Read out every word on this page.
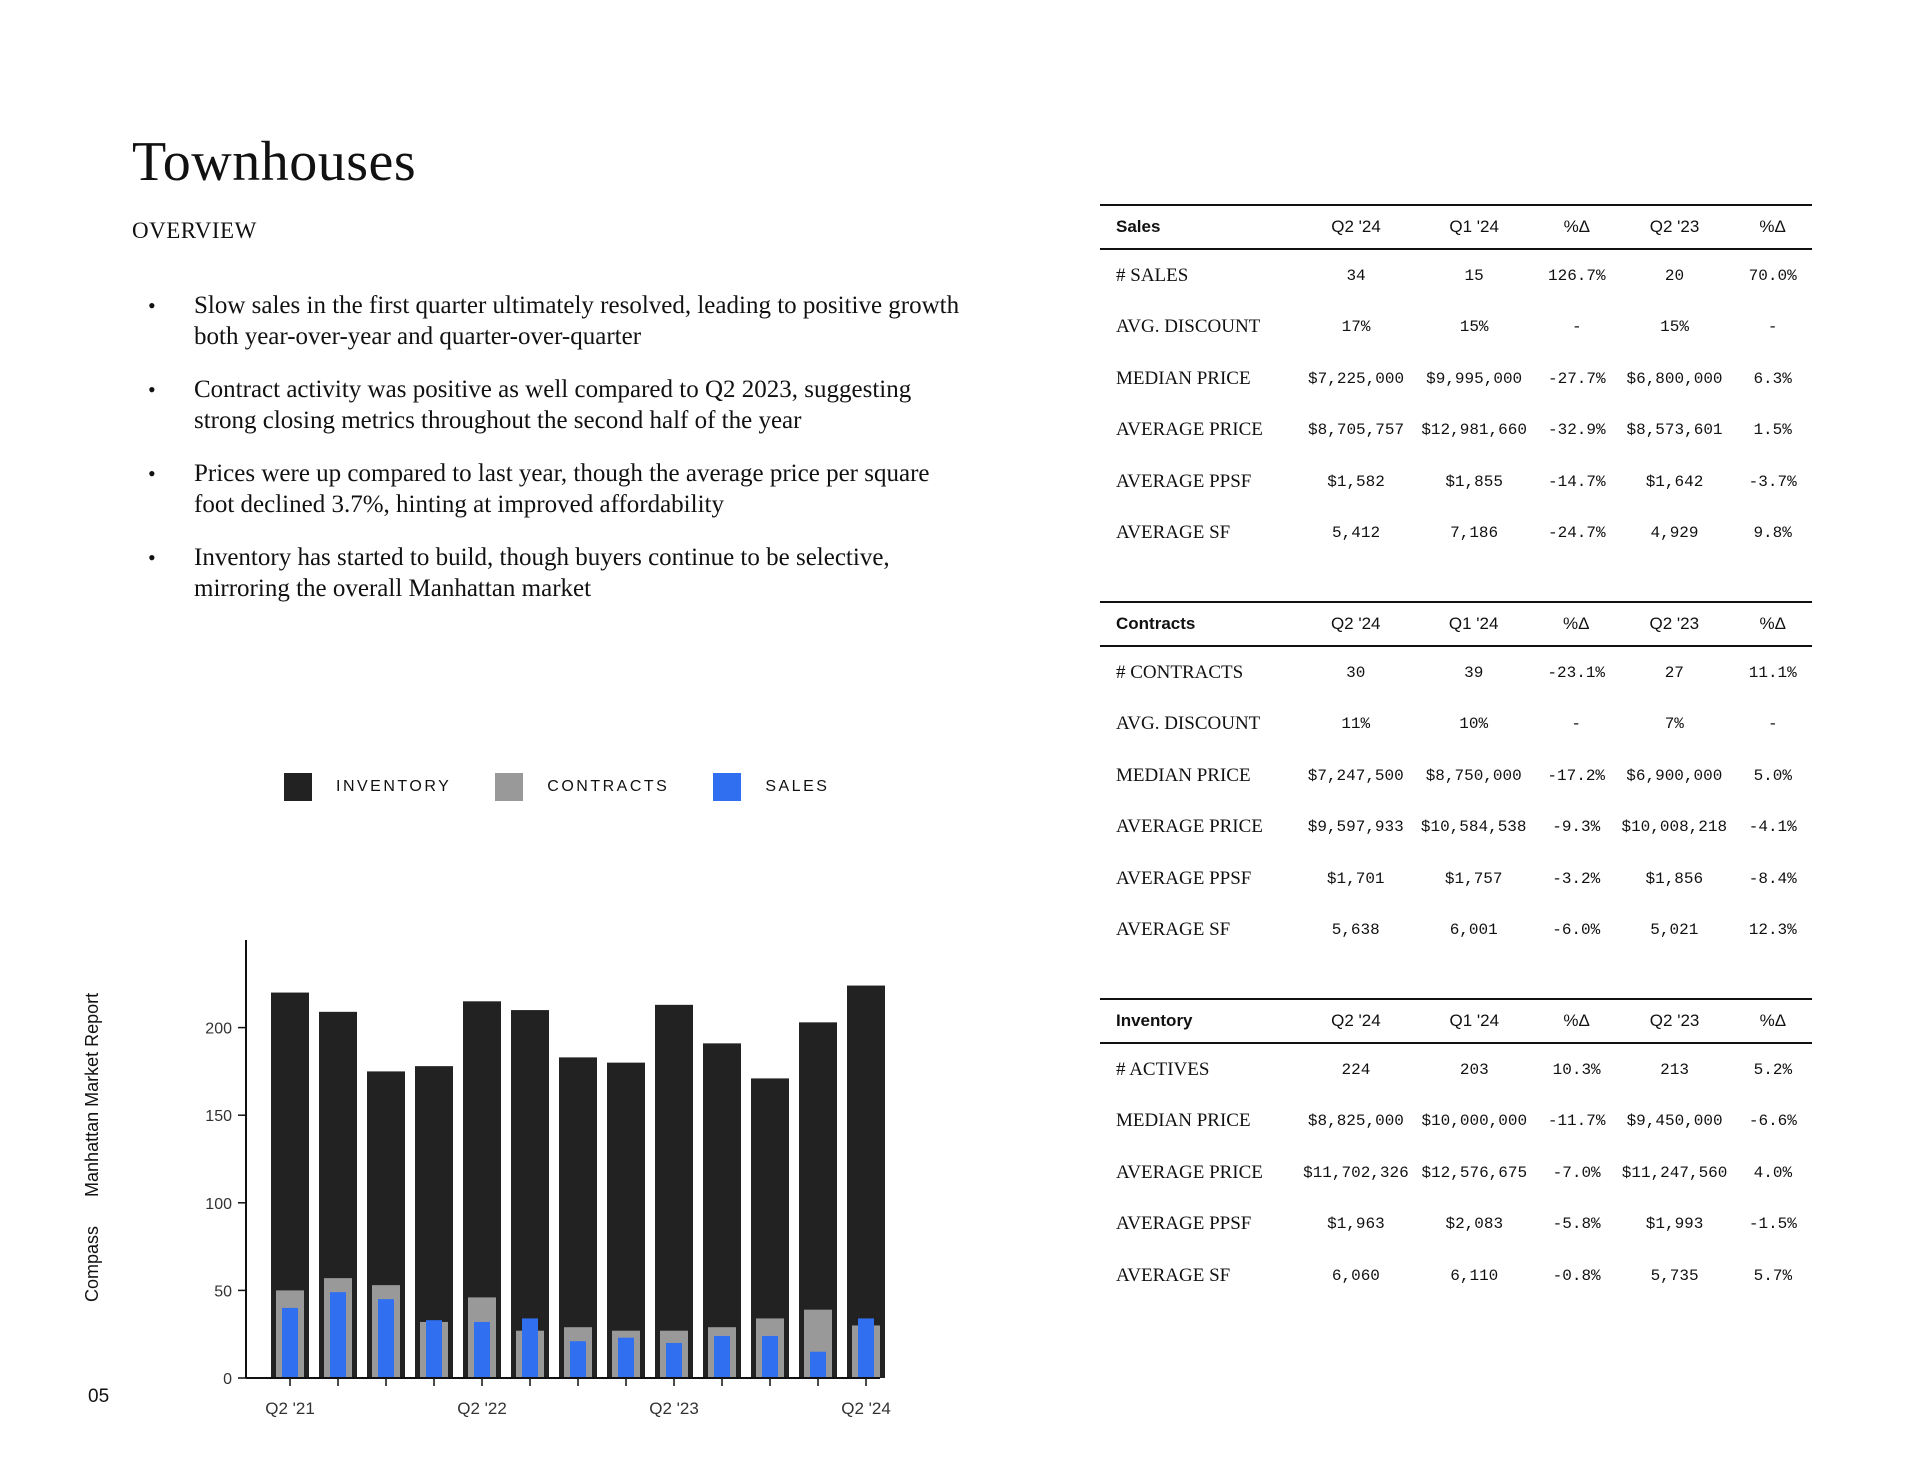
Townhouses
OVERVIEW
• Slow sales in the first quarter ultimately resolved, leading to positive growth both year-over-year and quarter-over-quarter
• Contract activity was positive as well compared to Q2 2023, suggesting strong closing metrics throughout the second half of the year
• Prices were up compared to last year, though the average price per square foot declined 3.7%, hinting at improved affordability
• Inventory has started to build, though buyers continue to be selective, mirroring the overall Manhattan market
INVENTORY	CONTRACTS	SALES
0
50
100
150
200
Q2 '21	Q2 '22	Q2 '23	Q2 '24
Compass Manhattan Market Report
05
Sales	Q2 '24	Q1 '24	%Δ	Q2 '23	%Δ
# SALES	34	15	126.7%	20	70.0%
AVG. DISCOUNT	17%	15%	-	15%	-
MEDIAN PRICE	$7,225,000	$9,995,000	-27.7%	$6,800,000	6.3%
AVERAGE PRICE	$8,705,757	$12,981,660	-32.9%	$8,573,601	1.5%
AVERAGE PPSF	$1,582	$1,855	-14.7%	$1,642	-3.7%
AVERAGE SF	5,412	7,186	-24.7%	4,929	9.8%
Contracts	Q2 '24	Q1 '24	%Δ	Q2 '23	%Δ
# CONTRACTS	30	39	-23.1%	27	11.1%
AVG. DISCOUNT	11%	10%	-	7%	-
MEDIAN PRICE	$7,247,500	$8,750,000	-17.2%	$6,900,000	5.0%
AVERAGE PRICE	$9,597,933	$10,584,538	-9.3%	$10,008,218	-4.1%
AVERAGE PPSF	$1,701	$1,757	-3.2%	$1,856	-8.4%
AVERAGE SF	5,638	6,001	-6.0%	5,021	12.3%
Inventory	Q2 '24	Q1 '24	%Δ	Q2 '23	%Δ
# ACTIVES	224	203	10.3%	213	5.2%
MEDIAN PRICE	$8,825,000	$10,000,000	-11.7%	$9,450,000	-6.6%
AVERAGE PRICE	$11,702,326	$12,576,675	-7.0%	$11,247,560	4.0%
AVERAGE PPSF	$1,963	$2,083	-5.8%	$1,993	-1.5%
AVERAGE SF	6,060	6,110	-0.8%	5,735	5.7%
